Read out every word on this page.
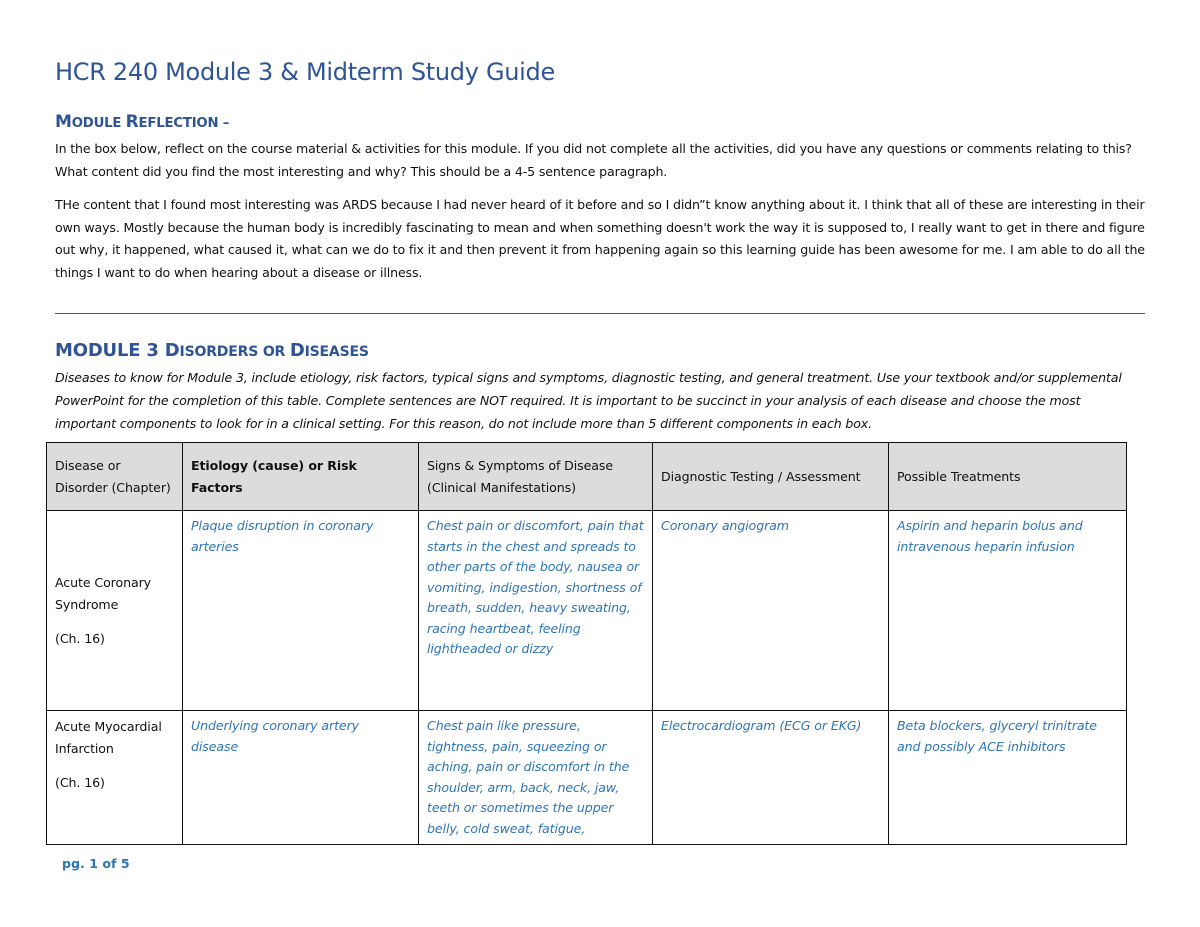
HCR 240 Module 3 & Midterm Study Guide
MODULE REFLECTION –
In the box below, reflect on the course material & activities for this module. If you did not complete all the activities, did you have any questions or comments relating to this? What content did you find the most interesting and why? This should be a 4-5 sentence paragraph.
THe content that I found most interesting was ARDS because I had never heard of it before and so I didn”t know anything about it. I think that all of these are interesting in their own ways. Mostly because the human body is incredibly fascinating to mean and when something doesn't work the way it is supposed to, I really want to get in there and figure out why, it happened, what caused it, what can we do to fix it and then prevent it from happening again so this learning guide has been awesome for me. I am able to do all the things I want to do when hearing about a disease or illness.
MODULE 3 DISORDERS OR DISEASES
Diseases to know for Module 3, include etiology, risk factors, typical signs and symptoms, diagnostic testing, and general treatment. Use your textbook and/or supplemental PowerPoint for the completion of this table. Complete sentences are NOT required. It is important to be succinct in your analysis of each disease and choose the most important components to look for in a clinical setting. For this reason, do not include more than 5 different components in each box.
Disease or Disorder (Chapter)	Etiology (cause) or Risk Factors	Signs & Symptoms of Disease (Clinical Manifestations)	Diagnostic Testing / Assessment	Possible Treatments

Acute Coronary Syndrome
(Ch. 16)	Plaque disruption in coronary arteries	Chest pain or discomfort, pain that starts in the chest and spreads to other parts of the body, nausea or vomiting, indigestion, shortness of breath, sudden, heavy sweating, racing heartbeat, feeling lightheaded or dizzy	Coronary angiogram	Aspirin and heparin bolus and intravenous heparin infusion

Acute Myocardial Infarction
(Ch. 16)	Underlying coronary artery disease	Chest pain like pressure, tightness, pain, squeezing or aching, pain or discomfort in the shoulder, arm, back, neck, jaw, teeth or sometimes the upper belly, cold sweat, fatigue,	Electrocardiogram (ECG or EKG)	Beta blockers, glyceryl trinitrate and possibly ACE inhibitors
pg. 1 of 5
